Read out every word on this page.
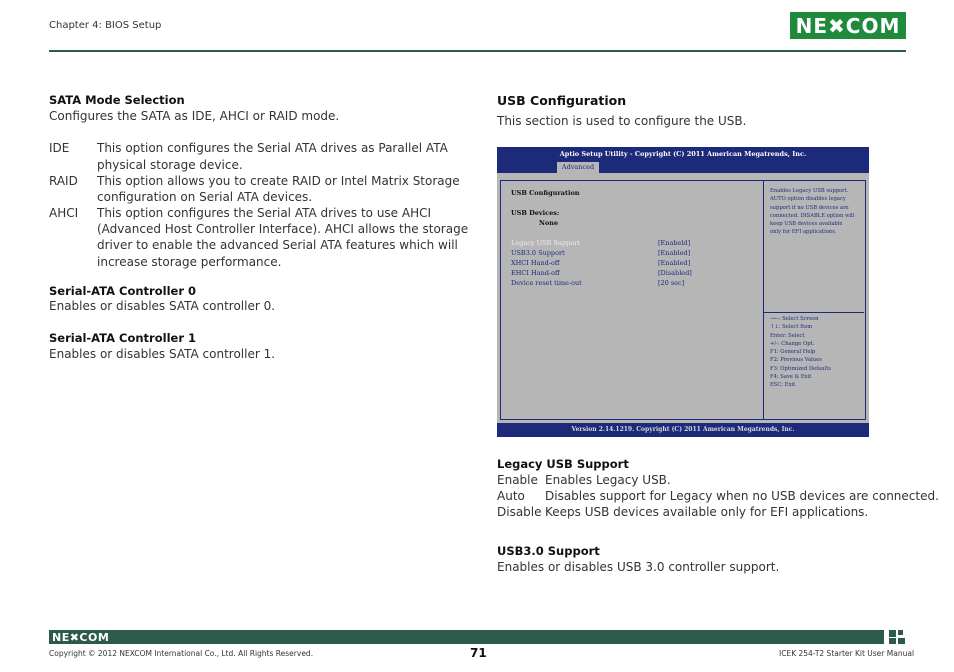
Chapter 4: BIOS Setup	NE✖COM
SATA Mode Selection
Configures the SATA as IDE, AHCI or RAID mode.
IDE This option configures the Serial ATA drives as Parallel ATA
physical storage device.
RAID This option allows you to create RAID or Intel Matrix Storage
configuration on Serial ATA devices.
AHCI This option configures the Serial ATA drives to use AHCI
(Advanced Host Controller Interface). AHCI allows the storage
driver to enable the advanced Serial ATA features which will
increase storage performance.
Serial-ATA Controller 0
Enables or disables SATA controller 0.
Serial-ATA Controller 1
Enables or disables SATA controller 1.
USB Configuration
This section is used to configure the USB.
Aptio Setup Utility - Copyright (C) 2011 American Megatrends, Inc.
Advanced
USB Configuration
USB Devices:
None
Legacy USB Support	[Enabeld]
USB3.0 Support	[Enabled]
XHCI Hand-off	[Enabled]
EHCI Hand-off	[Disabled]
Device reset time-out	[20 sec]
Enables Legacy USB support.
AUTO option disables legacy
support if no USB devices are
connected. DISABLE option will
keep USB devices available
only for EFI applications.
→←: Select Screen
↑↓: Select Item
Enter: Select
+/-: Change Opt.
F1: General Help
F2: Previous Values
F3: Optimized Defaults
F4: Save & Exit
ESC: Exit
Version 2.14.1219. Copyright (C) 2011 American Megatrends, Inc.
Legacy USB Support
Enable Enables Legacy USB.
Auto Disables support for Legacy when no USB devices are connected.
Disable Keeps USB devices available only for EFI applications.
USB3.0 Support
Enables or disables USB 3.0 controller support.
NE✖COM
Copyright © 2012 NEXCOM International Co., Ltd. All Rights Reserved.	71	ICEK 254-T2 Starter Kit User Manual
